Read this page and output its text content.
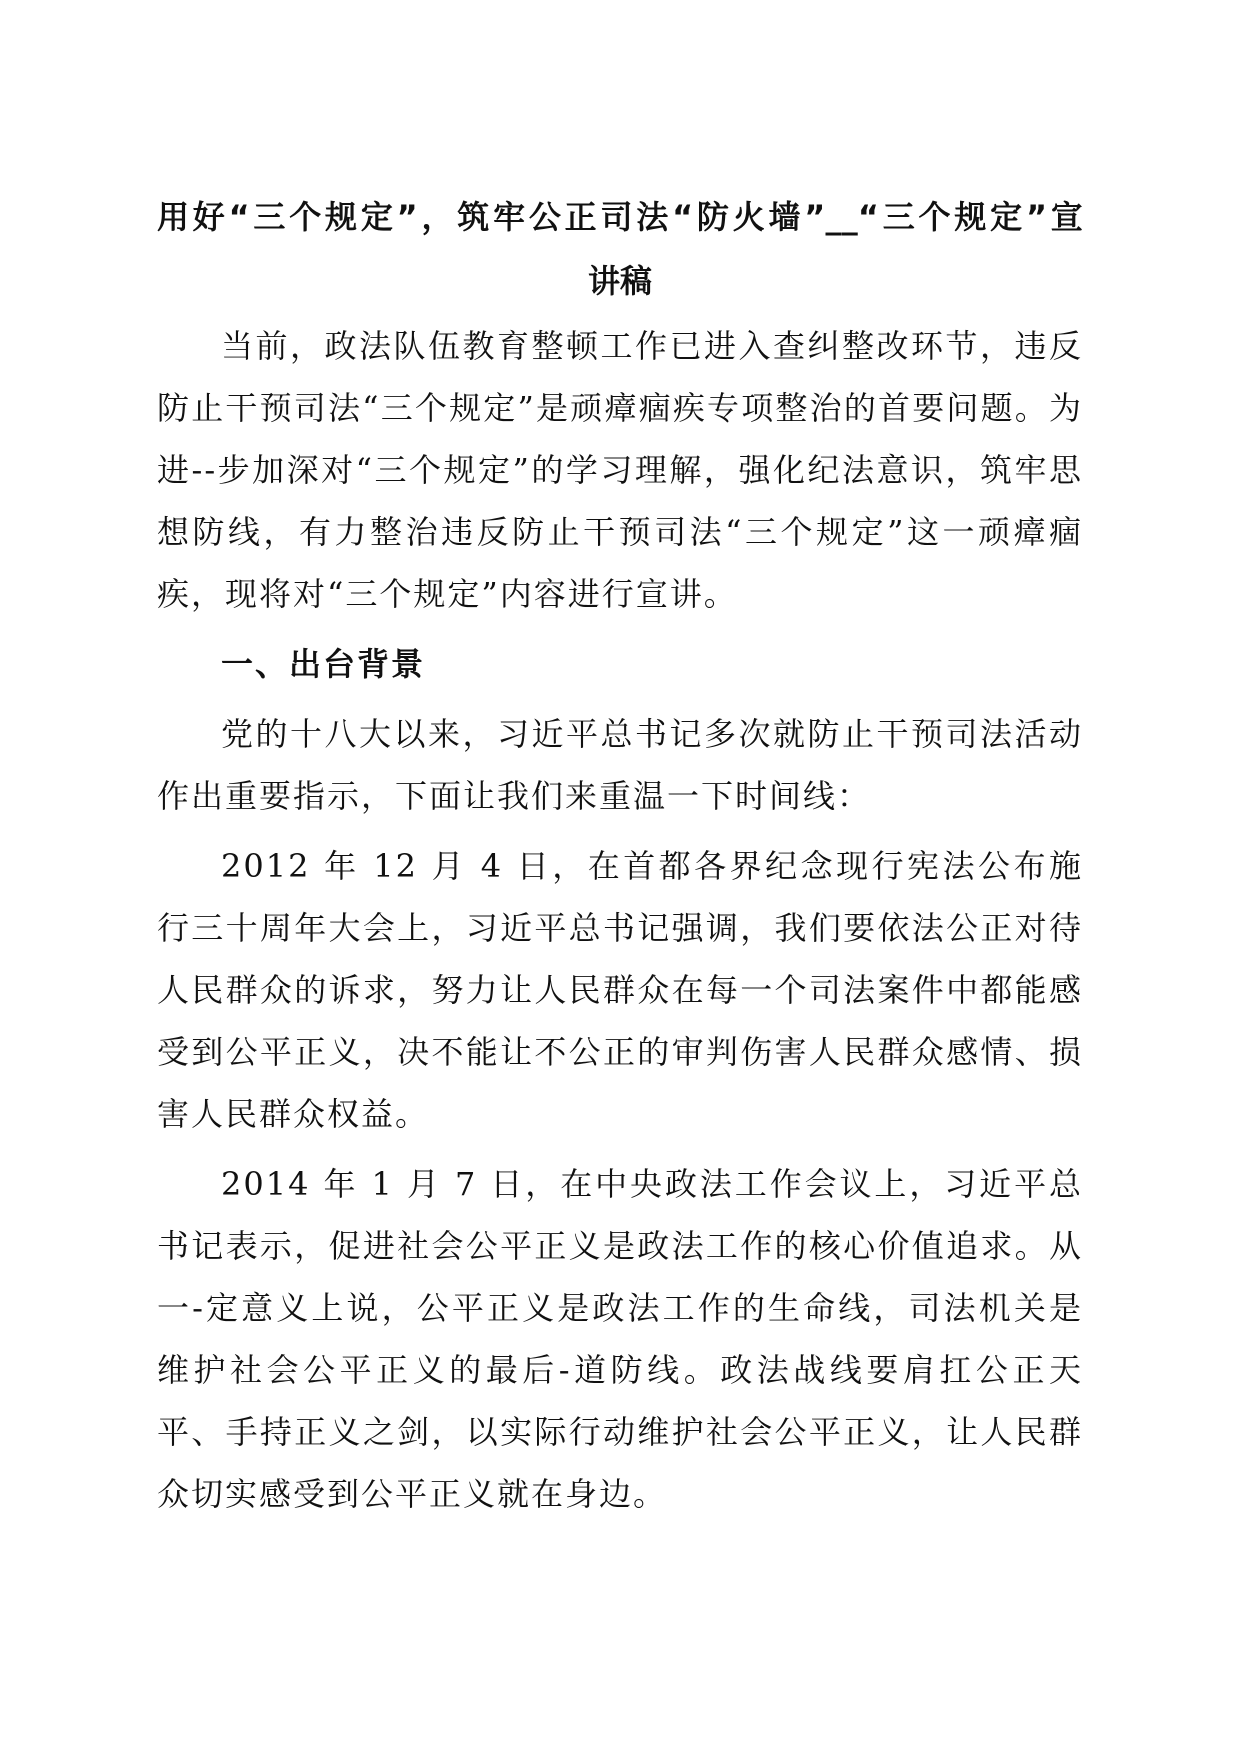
用好“三个规定”，筑牢公正司法“防火墙”__“三个规定”宣
讲稿

当前，政法队伍教育整顿工作已进入查纠整改环节，违反防止干预司法“三个规定”是顽瘴痼疾专项整治的首要问题。为进--步加深对“三个规定”的学习理解，强化纪法意识，筑牢思想防线，有力整治违反防止干预司法“三个规定”这一顽瘴痼疾，现将对“三个规定”内容进行宣讲。

一、出台背景

党的十八大以来，习近平总书记多次就防止干预司法活动作出重要指示，下面让我们来重温一下时间线：

2012 年 12 月 4 日，在首都各界纪念现行宪法公布施行三十周年大会上，习近平总书记强调，我们要依法公正对待人民群众的诉求，努力让人民群众在每一个司法案件中都能感受到公平正义，决不能让不公正的审判伤害人民群众感情、损害人民群众权益。

2014 年 1 月 7 日，在中央政法工作会议上，习近平总书记表示，促进社会公平正义是政法工作的核心价值追求。从一-定意义上说，公平正义是政法工作的生命线，司法机关是维护社会公平正义的最后-道防线。政法战线要肩扛公正天平、手持正义之剑，以实际行动维护社会公平正义，让人民群众切实感受到公平正义就在身边。
